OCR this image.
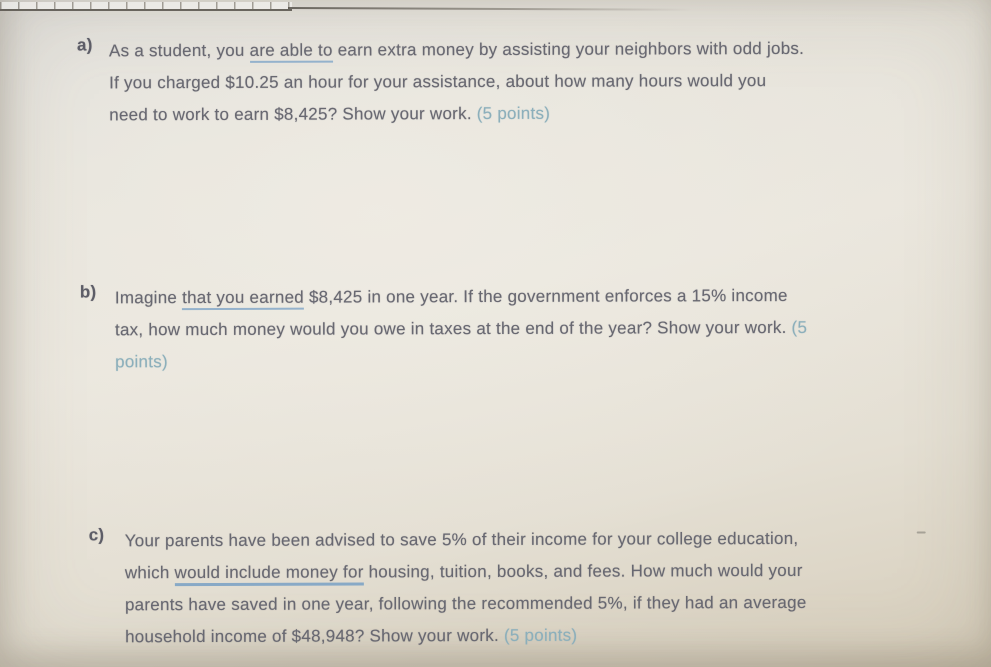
a) As a student, you are able to earn extra money by assisting your neighbors with odd jobs.
If you charged $10.25 an hour for your assistance, about how many hours would you
need to work to earn $8,425? Show your work. (5 points)
b) Imagine that you earned $8,425 in one year. If the government enforces a 15% income
tax, how much money would you owe in taxes at the end of the year? Show your work. (5
points)
c) Your parents have been advised to save 5% of their income for your college education,
which would include money for housing, tuition, books, and fees. How much would your
parents have saved in one year, following the recommended 5%, if they had an average
household income of $48,948? Show your work. (5 points)
